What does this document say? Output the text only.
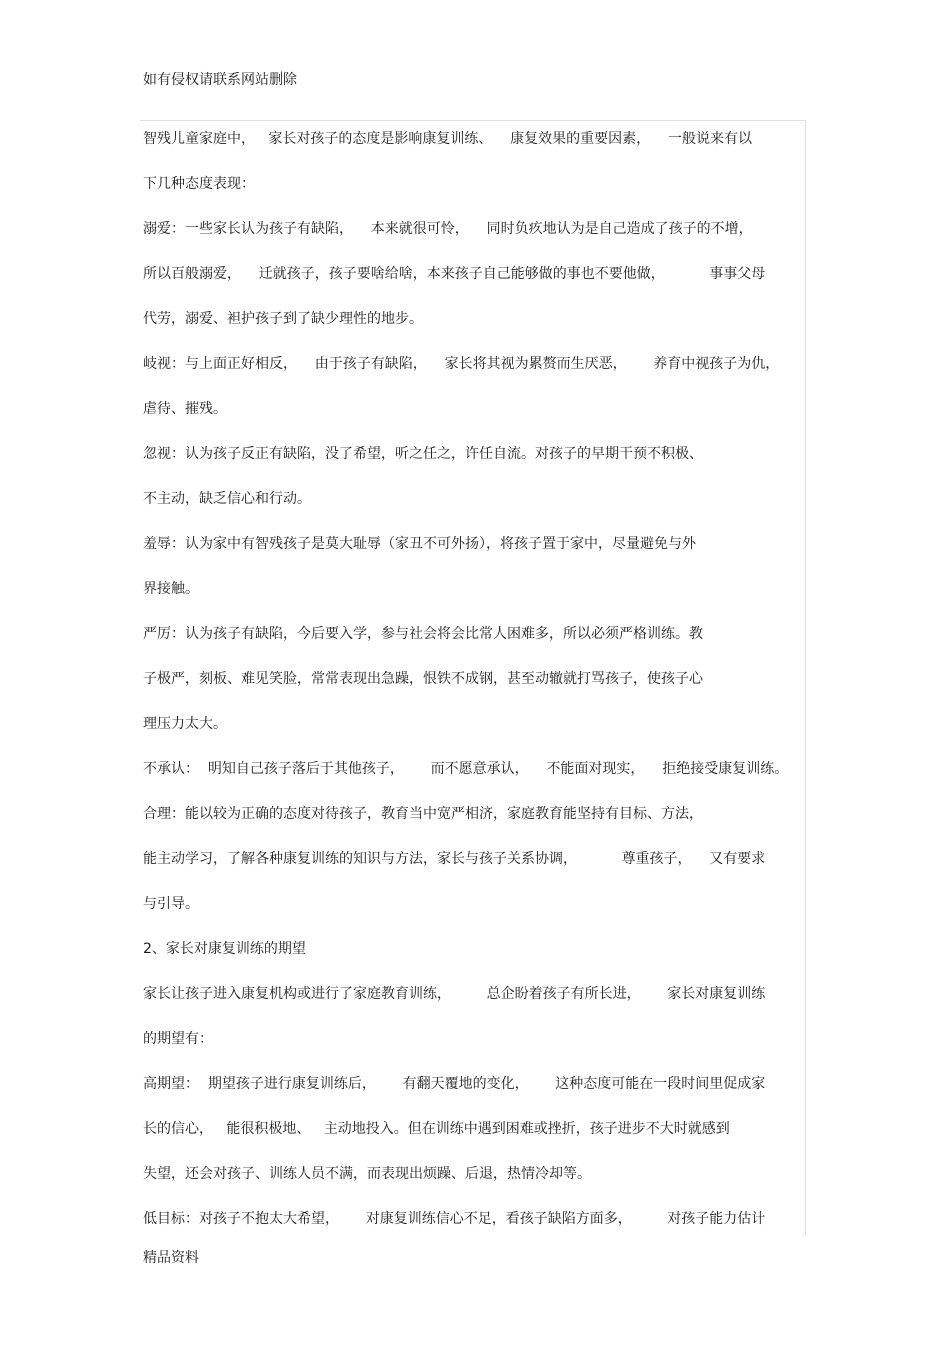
如有侵权请联系网站删除
智残儿童家庭中，   家长对孩子的态度是影响康复训练、    康复效果的重要因素，    一般说来有以
下几种态度表现：
溺爱：一些家长认为孩子有缺陷，    本来就很可怜，    同时负疚地认为是自己造成了孩子的不增，
所以百般溺爱，    迁就孩子，孩子要啥给啥，本来孩子自己能够做的事也不要他做，          事事父母
代劳，溺爱、袒护孩子到了缺少理性的地步。
岐视：与上面正好相反，    由于孩子有缺陷，    家长将其视为累赘而生厌恶，      养育中视孩子为仇，
虐待、摧残。
忽视：认为孩子反正有缺陷，没了希望，听之任之，许任自流。对孩子的早期干预不积极、
不主动，缺乏信心和行动。
羞辱：认为家中有智残孩子是莫大耻辱（家丑不可外扬），将孩子置于家中，尽量避免与外
界接触。
严厉：认为孩子有缺陷，今后要入学，参与社会将会比常人困难多，所以必须严格训练。教
子极严，刻板、难见笑脸，常常表现出急躁，恨铁不成钢，甚至动辙就打骂孩子，使孩子心
理压力太大。
不承认：  明知自己孩子落后于其他孩子，      而不愿意承认，    不能面对现实，    拒绝接受康复训练。
合理：能以较为正确的态度对待孩子，教育当中宽严相济，家庭教育能坚持有目标、方法，
能主动学习，了解各种康复训练的知识与方法，家长与孩子关系协调，          尊重孩子，    又有要求
与引导。
2、家长对康复训练的期望
家长让孩子进入康复机构或进行了家庭教育训练，        总企盼着孩子有所长进，      家长对康复训练
的期望有：
高期望：  期望孩子进行康复训练后，      有翻天覆地的变化，      这种态度可能在一段时间里促成家
长的信心，   能很积极地、   主动地投入。但在训练中遇到困难或挫折，孩子进步不大时就感到
失望，还会对孩子、训练人员不满，而表现出烦躁、后退，热情冷却等。
低目标：对孩子不抱太大希望，      对康复训练信心不足，看孩子缺陷方面多，        对孩子能力估计
精品资料
